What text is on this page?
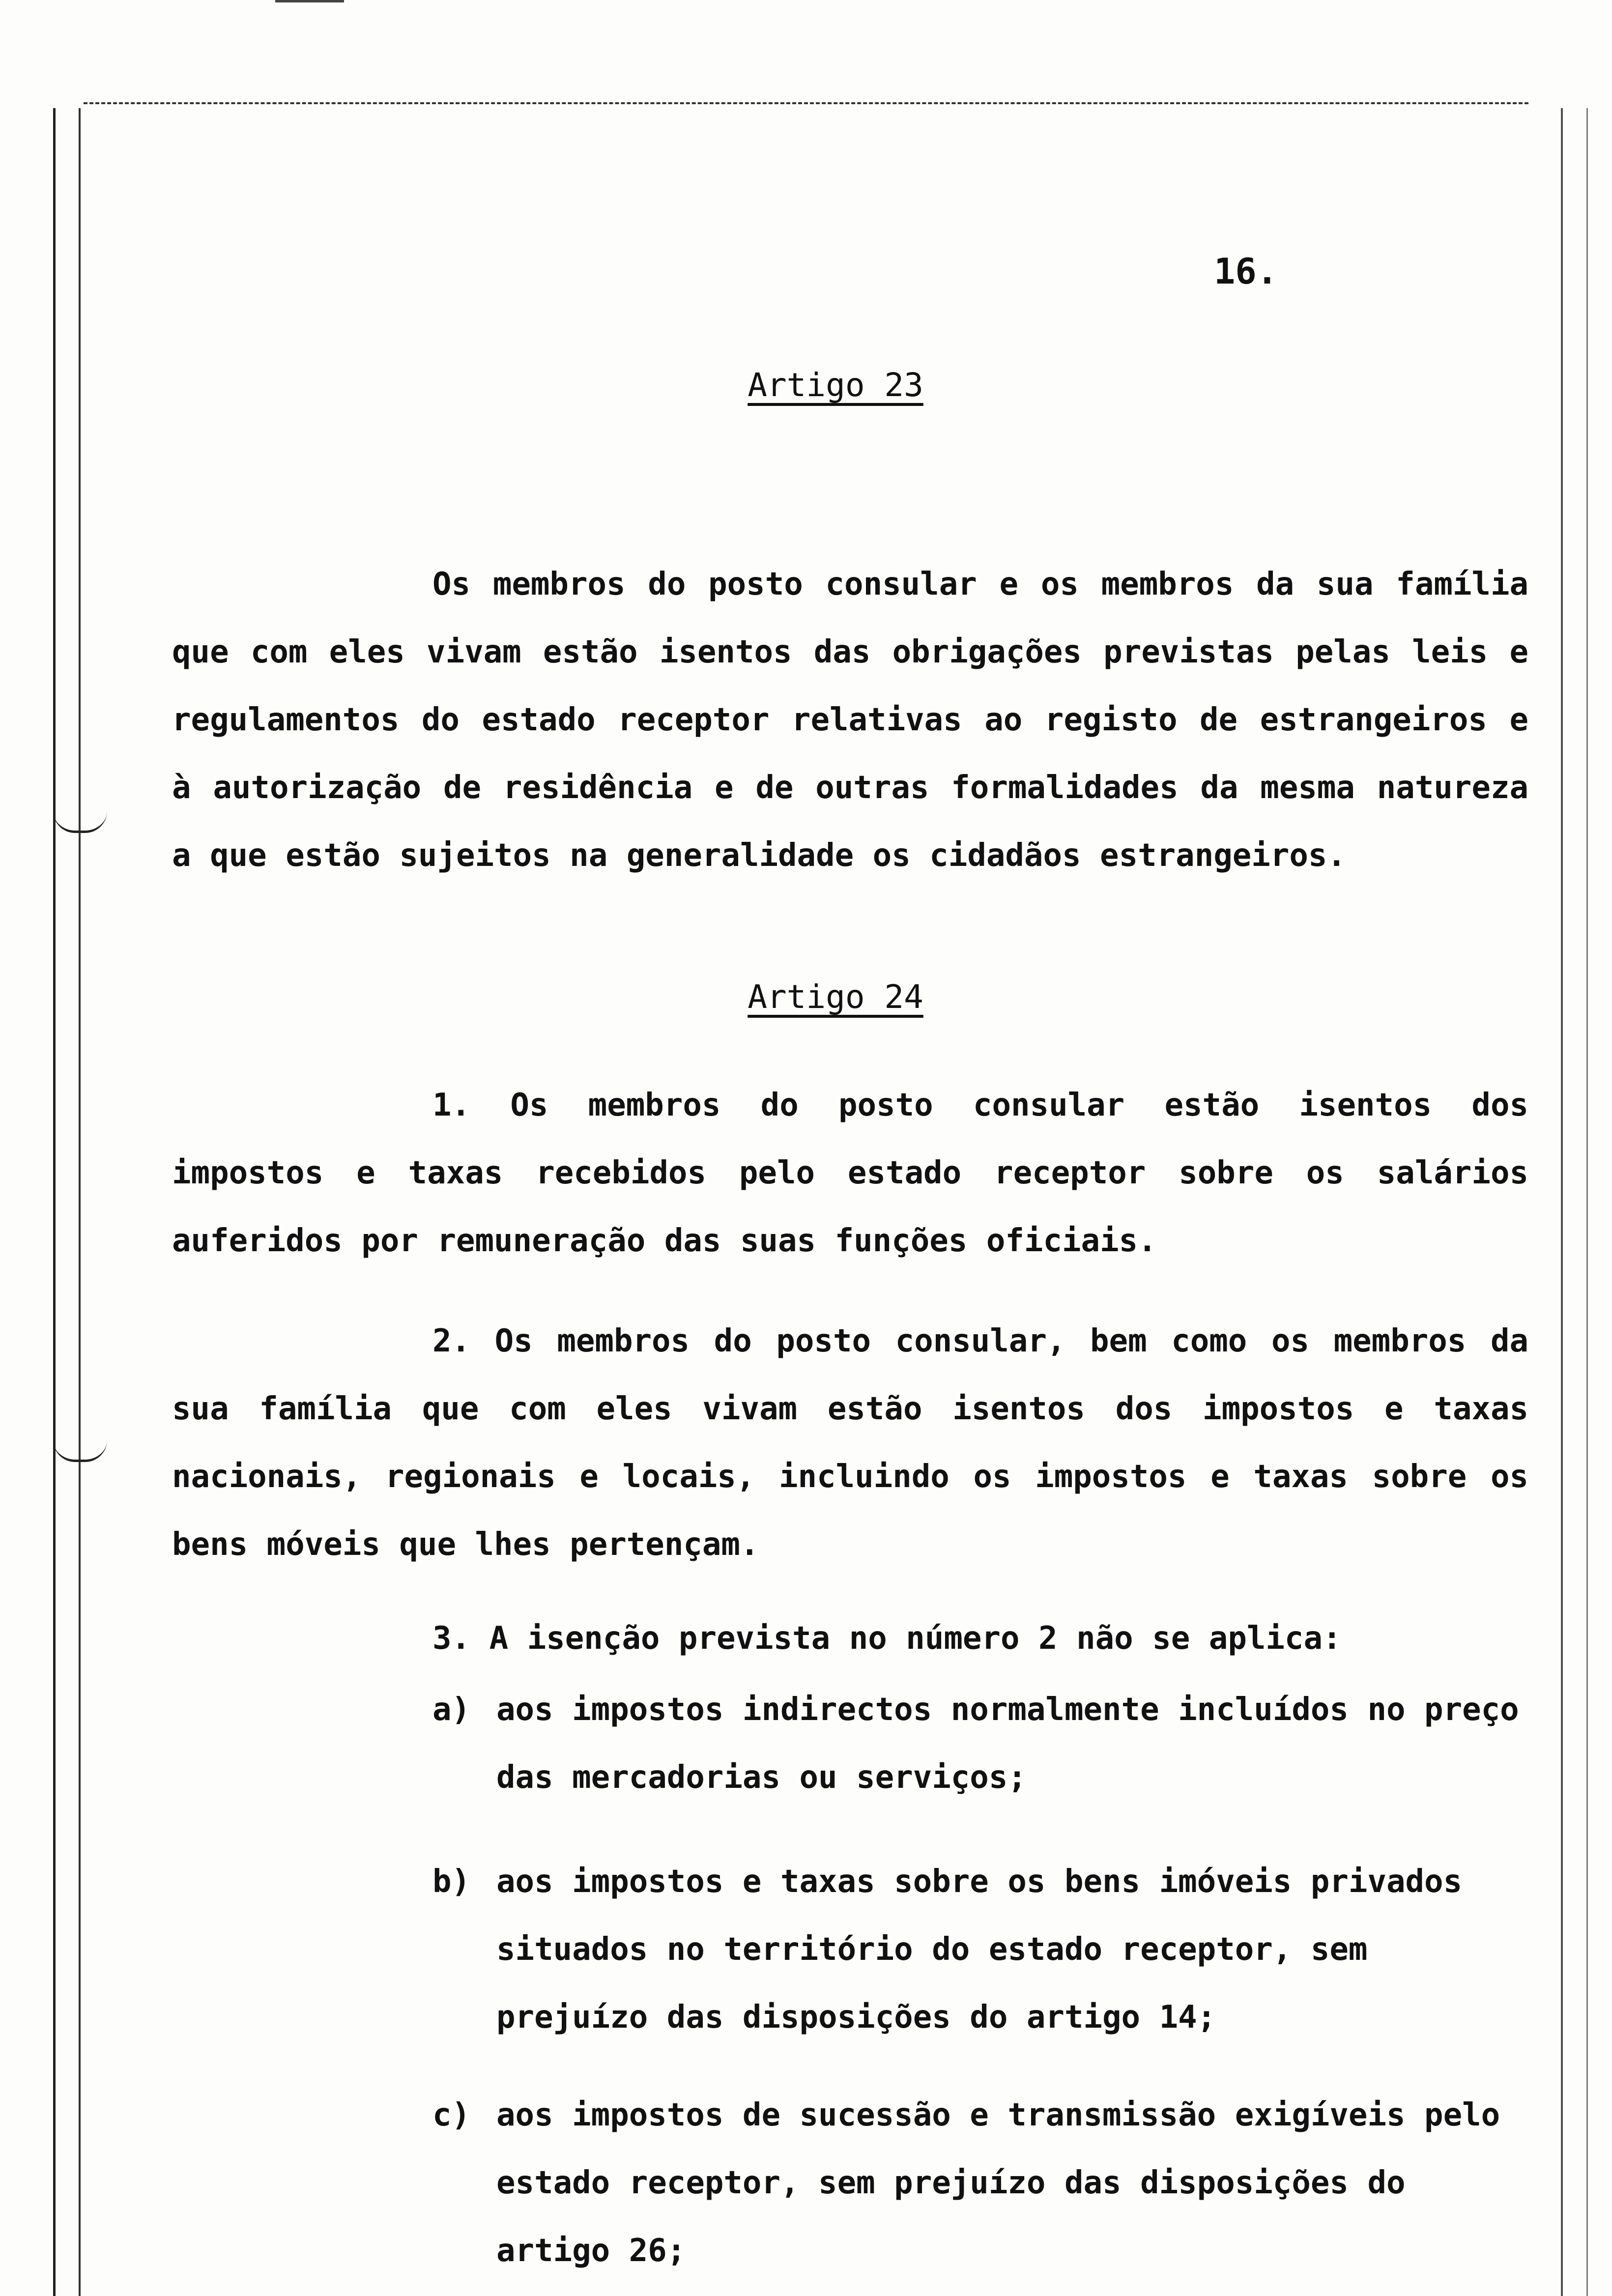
16.
Artigo 23
Os membros do posto consular e os membros da sua família que com eles vivam estão isentos das obrigações previstas pelas leis e regulamentos do estado receptor relativas ao registo de estrangeiros e à autorização de residência e de outras formalidades da mesma natureza a que estão sujeitos na generalidade os cidadãos estrangeiros.
Artigo 24
1. Os membros do posto consular estão isentos dos impostos e taxas recebidos pelo estado receptor sobre os salários auferidos por remuneração das suas funções oficiais.
2. Os membros do posto consular, bem como os membros da sua família que com eles vivam estão isentos dos impostos e taxas nacionais, regionais e locais, incluindo os impostos e taxas sobre os bens móveis que lhes pertençam.
3. A isenção prevista no número 2 não se aplica:
a) aos impostos indirectos normalmente incluídos no preço das mercadorias ou serviços;
b) aos impostos e taxas sobre os bens imóveis privados situados no território do estado receptor, sem prejuízo das disposições do artigo 14;
c) aos impostos de sucessão e transmissão exigíveis pelo estado receptor, sem prejuízo das disposições do artigo 26;
